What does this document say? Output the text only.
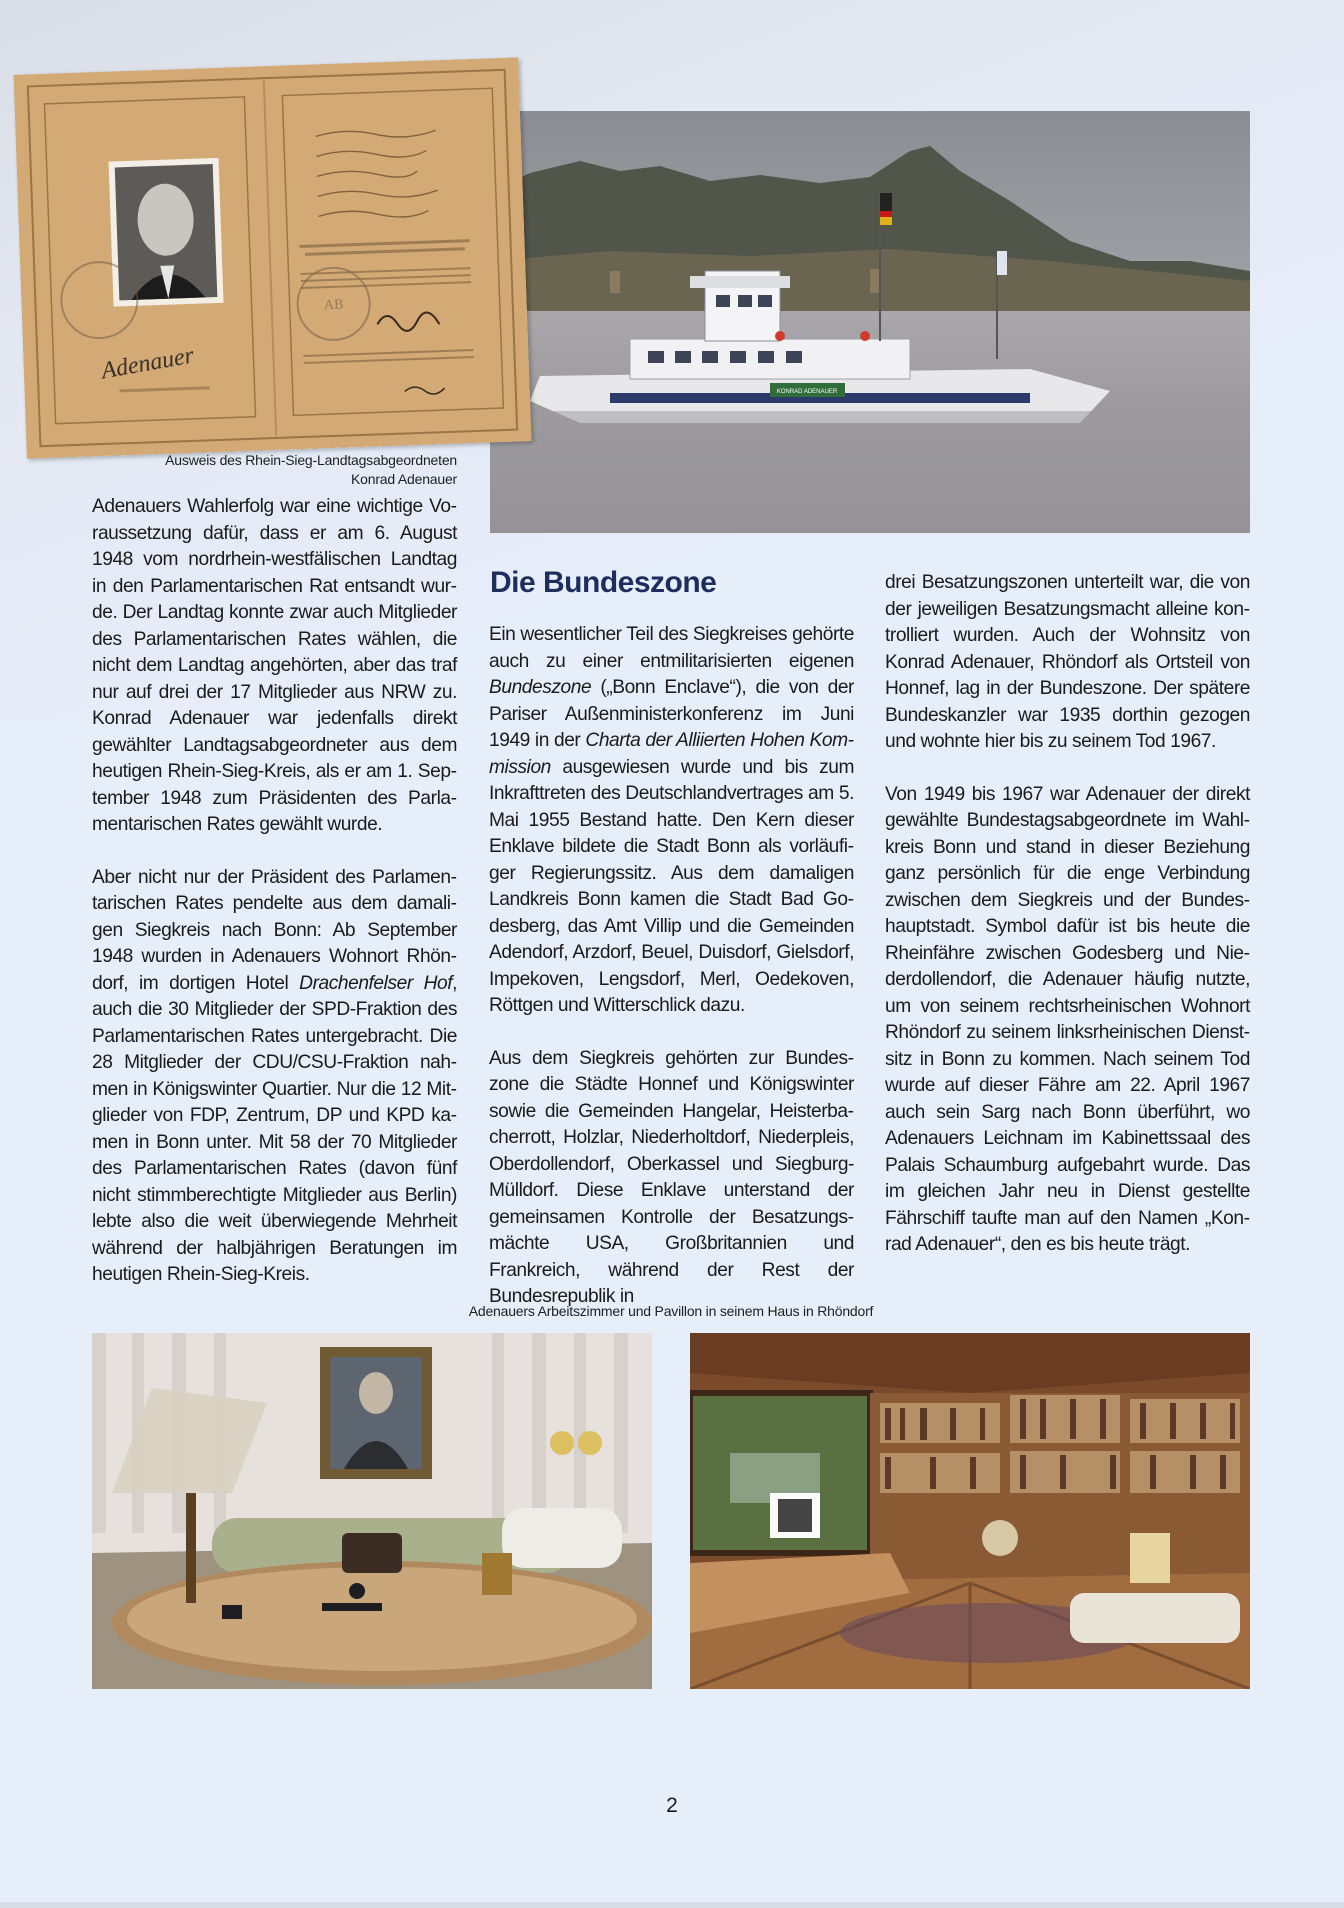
KONRAD ADENAUER
AB
Adenauer
Ausweis des Rhein-Sieg-Landtagsabgeordneten
Konrad Adenauer

Adenauers Wahlerfolg war eine wichtige Voraussetzung dafür, dass er am 6. August 1948 vom nordrhein-westfälischen Landtag in den Parlamentarischen Rat entsandt wurde. Der Landtag konnte zwar auch Mitglieder des Parlamentarischen Rates wählen, die nicht dem Landtag angehörten, aber das traf nur auf drei der 17 Mitglieder aus NRW zu. Konrad Adenauer war jedenfalls direkt gewählter Landtagsabgeordneter aus dem heutigen Rhein-Sieg-Kreis, als er am 1. September 1948 zum Präsidenten des Parlamentarischen Rates gewählt wurde.

Aber nicht nur der Präsident des Parlamentarischen Rates pendelte aus dem damaligen Siegkreis nach Bonn: Ab September 1948 wurden in Adenauers Wohnort Rhöndorf, im dortigen Hotel Drachenfelser Hof, auch die 30 Mitglieder der SPD-Fraktion des Parlamentarischen Rates untergebracht. Die 28 Mitglieder der CDU/CSU-Fraktion nahmen in Königswinter Quartier. Nur die 12 Mitglieder von FDP, Zentrum, DP und KPD kamen in Bonn unter. Mit 58 der 70 Mitglieder des Parlamentarischen Rates (davon fünf nicht stimmberechtigte Mitglieder aus Berlin) lebte also die weit überwiegende Mehrheit während der halbjährigen Beratungen im heutigen Rhein-Sieg-Kreis.

Die Bundeszone

Ein wesentlicher Teil des Siegkreises gehörte auch zu einer entmilitarisierten eigenen Bundeszone („Bonn Enclave“), die von der Pariser Außenministerkonferenz im Juni 1949 in der Charta der Alliierten Hohen Kommission ausgewiesen wurde und bis zum Inkrafttreten des Deutschlandvertrages am 5. Mai 1955 Bestand hatte. Den Kern dieser Enklave bildete die Stadt Bonn als vorläufiger Regierungssitz. Aus dem damaligen Landkreis Bonn kamen die Stadt Bad Godesberg, das Amt Villip und die Gemeinden Adendorf, Arzdorf, Beuel, Duisdorf, Gielsdorf, Impekoven, Lengsdorf, Merl, Oedekoven, Röttgen und Witterschlick dazu.

Aus dem Siegkreis gehörten zur Bundeszone die Städte Honnef und Königswinter sowie die Gemeinden Hangelar, Heisterbacherrott, Holzlar, Niederholtdorf, Niederpleis, Oberdollendorf, Oberkassel und Siegburg-Mülldorf. Diese Enklave unterstand der gemeinsamen Kontrolle der Besatzungsmächte USA, Großbritannien und Frankreich, während der Rest der Bundesrepublik in

drei Besatzungszonen unterteilt war, die von der jeweiligen Besatzungsmacht alleine kontrolliert wurden. Auch der Wohnsitz von Konrad Adenauer, Rhöndorf als Ortsteil von Honnef, lag in der Bundeszone. Der spätere Bundeskanzler war 1935 dorthin gezogen und wohnte hier bis zu seinem Tod 1967.

Von 1949 bis 1967 war Adenauer der direkt gewählte Bundestagsabgeordnete im Wahlkreis Bonn und stand in dieser Beziehung ganz persönlich für die enge Verbindung zwischen dem Siegkreis und der Bundeshauptstadt. Symbol dafür ist bis heute die Rheinfähre zwischen Godesberg und Niederdollendorf, die Adenauer häufig nutzte, um von seinem rechtsrheinischen Wohnort Rhöndorf zu seinem linksrheinischen Dienstsitz in Bonn zu kommen. Nach seinem Tod wurde auf dieser Fähre am 22. April 1967 auch sein Sarg nach Bonn überführt, wo Adenauers Leichnam im Kabinettssaal des Palais Schaumburg aufgebahrt wurde. Das im gleichen Jahr neu in Dienst gestellte Fährschiff taufte man auf den Namen „Konrad Adenauer“, den es bis heute trägt.

Adenauers Arbeitszimmer und Pavillon in seinem Haus in Rhöndorf
2
